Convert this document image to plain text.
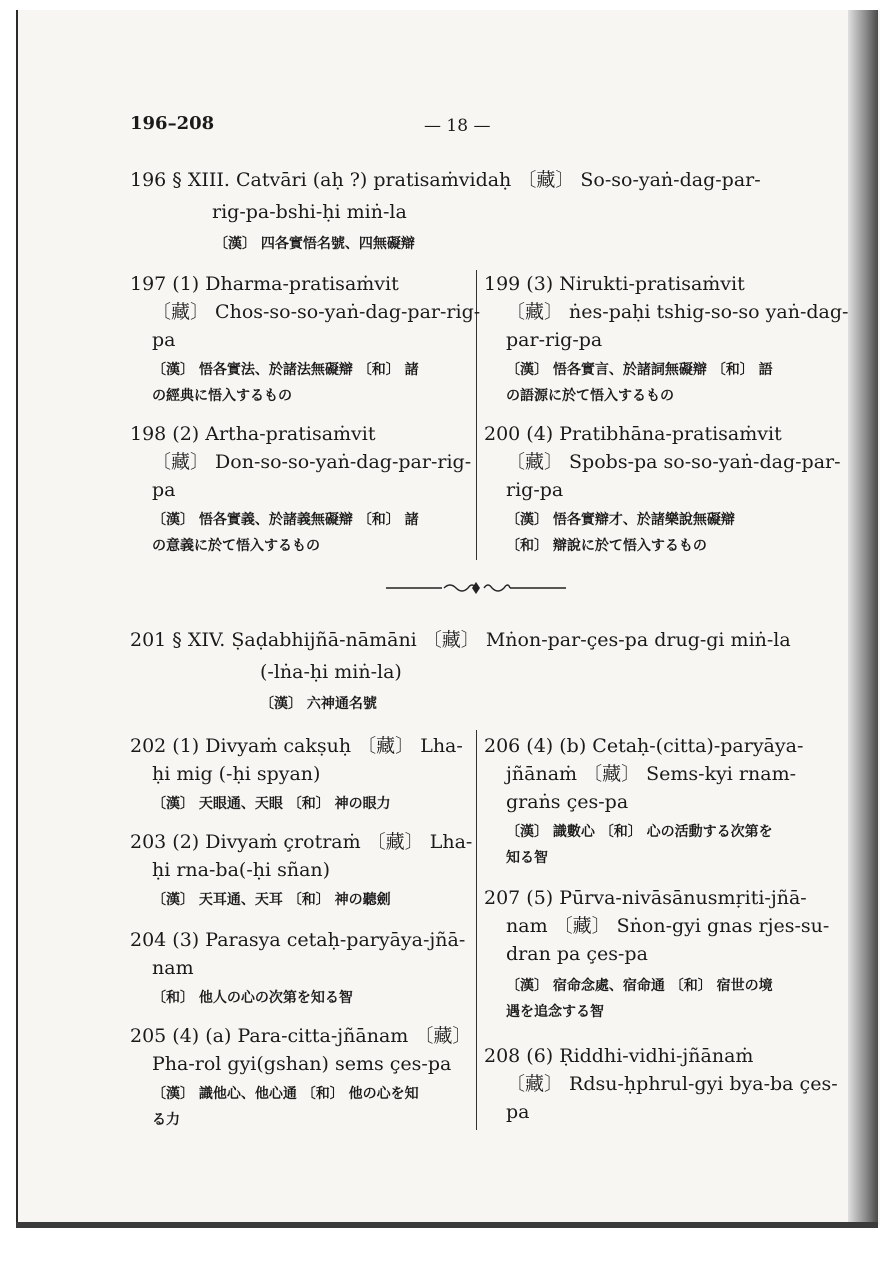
196–208	— 18 —
196 § XIII. Catvāri (aḥ ?) pratisaṁvidaḥ 〔藏〕 So-so-yaṅ-dag-par-
rig-pa-bshi-ḥi miṅ-la
〔漢〕 四各實悟名號、四無礙辯
197 (1) Dharma-pratisaṁvit
〔藏〕 Chos-so-so-yaṅ-dag-par-rig-
pa
〔漢〕 悟各實法、於諸法無礙辯 〔和〕 諸
の經典に悟入するもの
198 (2) Artha-pratisaṁvit
〔藏〕 Don-so-so-yaṅ-dag-par-rig-
pa
〔漢〕 悟各實義、於諸義無礙辯 〔和〕 諸
の意義に於て悟入するもの
199 (3) Nirukti-pratisaṁvit
〔藏〕 ṅes-paḥi tshig-so-so yaṅ-dag-
par-rig-pa
〔漢〕 悟各實言、於諸詞無礙辯 〔和〕 語
の語源に於て悟入するもの
200 (4) Pratibhāna-pratisaṁvit
〔藏〕 Spobs-pa so-so-yaṅ-dag-par-
rig-pa
〔漢〕 悟各實辯才、於諸樂說無礙辯
〔和〕 辯說に於て悟入するもの
201 § XIV. Ṣaḍabhijñā-nāmāni 〔藏〕 Mṅon-par-çes-pa drug-gi miṅ-la
(-lṅa-ḥi miṅ-la)
〔漢〕 六神通名號
202 (1) Divyaṁ cakṣuḥ 〔藏〕 Lha-
ḥi mig (-ḥi spyan)
〔漢〕 天眼通、天眼 〔和〕 神の眼力
203 (2) Divyaṁ çrotraṁ 〔藏〕 Lha-
ḥi rna-ba(-ḥi sñan)
〔漢〕 天耳通、天耳 〔和〕 神の聽劍
204 (3) Parasya cetaḥ-paryāya-jñā-
nam
〔和〕 他人の心の次第を知る智
205 (4) (a) Para-citta-jñānam 〔藏〕
Pha-rol gyi(gshan) sems çes-pa
〔漢〕 識他心、他心通 〔和〕 他の心を知
る力
206 (4) (b) Cetaḥ-(citta)-paryāya-
jñānaṁ 〔藏〕 Sems-kyi rnam-
graṅs çes-pa
〔漢〕 識數心 〔和〕 心の活動する次第を
知る智
207 (5) Pūrva-nivāsānusmṛiti-jñā-
nam 〔藏〕 Sṅon-gyi gnas rjes-su-
dran pa çes-pa
〔漢〕 宿命念處、宿命通 〔和〕 宿世の境
遇を追念する智
208 (6) Ṛiddhi-vidhi-jñānaṁ
〔藏〕 Rdsu-ḥphrul-gyi bya-ba çes-
pa
